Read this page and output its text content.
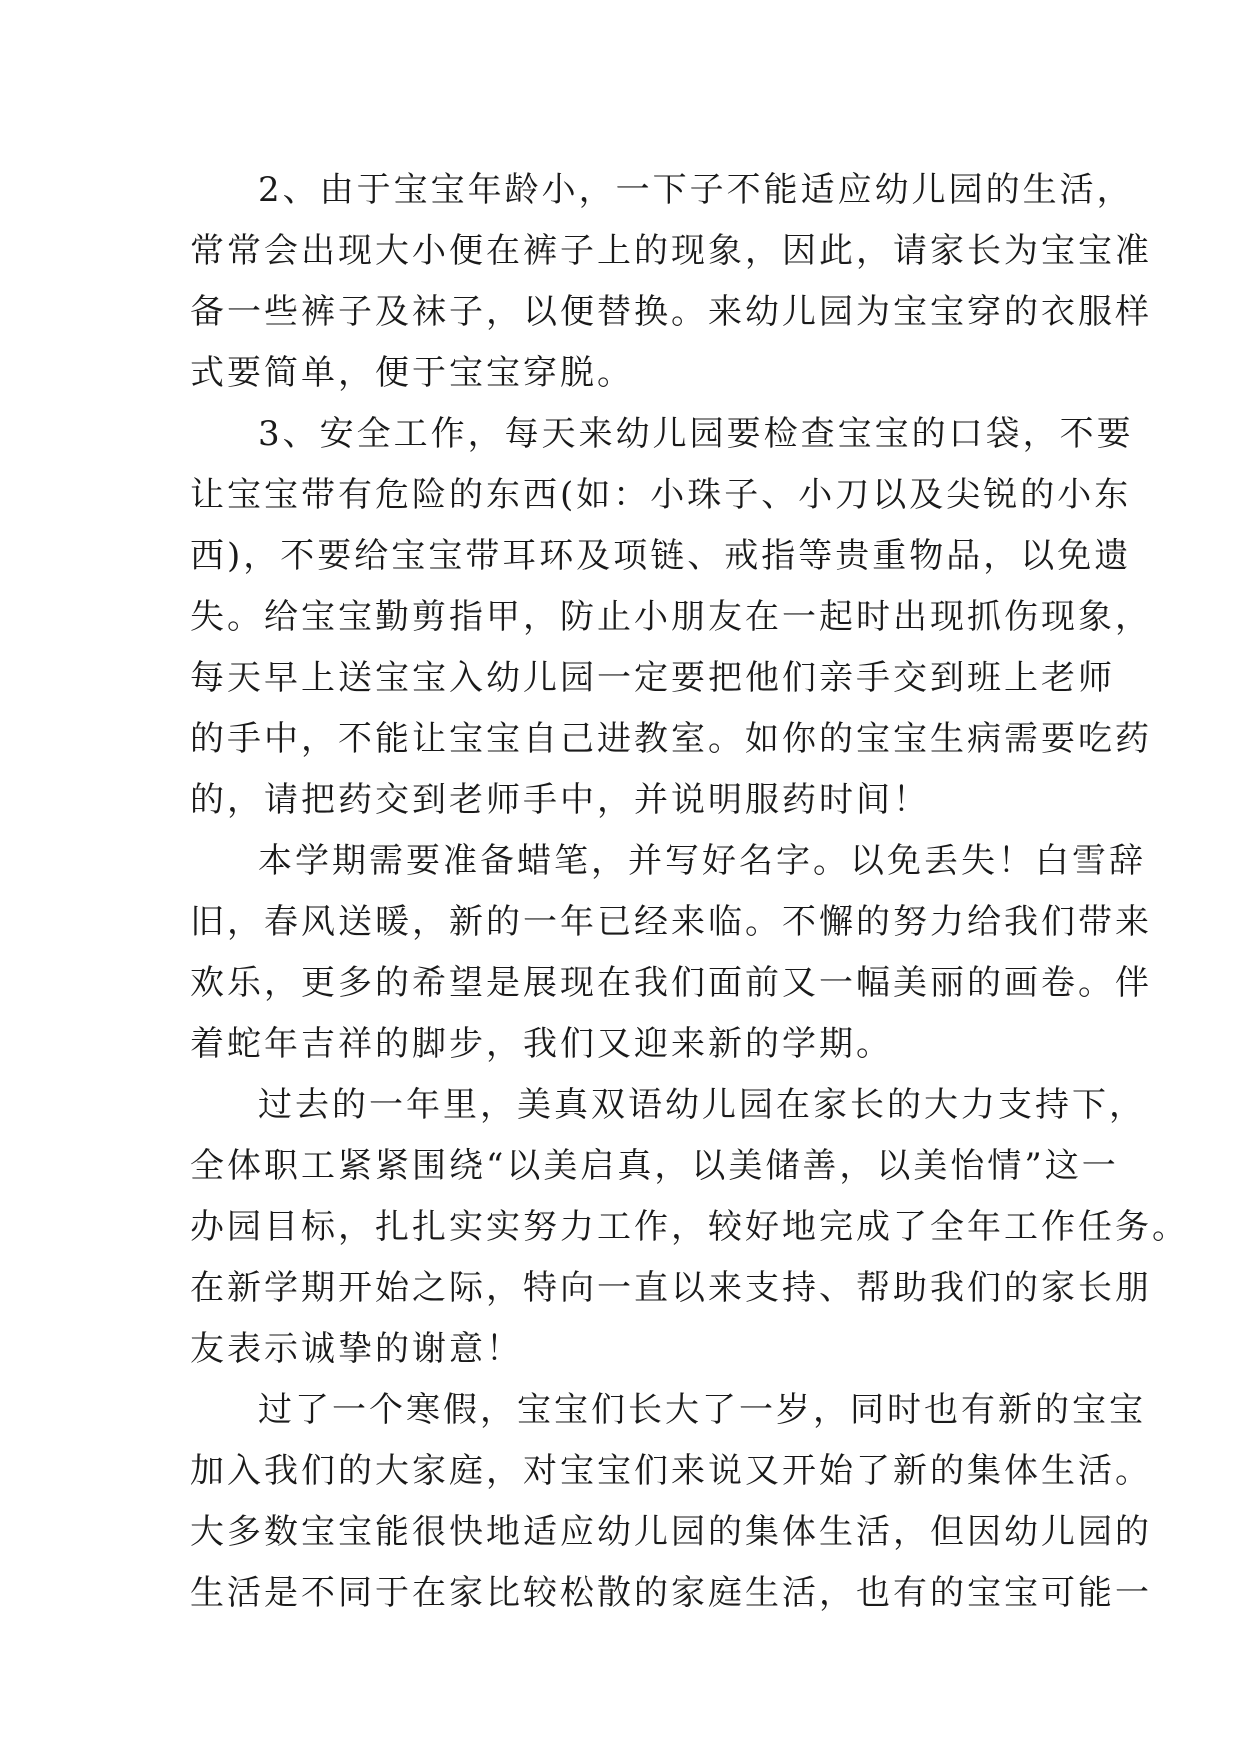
2、由于宝宝年龄小，一下子不能适应幼儿园的生活，
常常会出现大小便在裤子上的现象，因此，请家长为宝宝准
备一些裤子及袜子，以便替换。来幼儿园为宝宝穿的衣服样
式要简单，便于宝宝穿脱。
3、安全工作，每天来幼儿园要检查宝宝的口袋，不要
让宝宝带有危险的东西(如：小珠子、小刀以及尖锐的小东
西)，不要给宝宝带耳环及项链、戒指等贵重物品，以免遗
失。给宝宝勤剪指甲，防止小朋友在一起时出现抓伤现象，
每天早上送宝宝入幼儿园一定要把他们亲手交到班上老师
的手中，不能让宝宝自己进教室。如你的宝宝生病需要吃药
的，请把药交到老师手中，并说明服药时间！
本学期需要准备蜡笔，并写好名字。以免丢失！白雪辞
旧，春风送暖，新的一年已经来临。不懈的努力给我们带来
欢乐，更多的希望是展现在我们面前又一幅美丽的画卷。伴
着蛇年吉祥的脚步，我们又迎来新的学期。
过去的一年里，美真双语幼儿园在家长的大力支持下，
全体职工紧紧围绕“以美启真，以美储善，以美怡情”这一
办园目标，扎扎实实努力工作，较好地完成了全年工作任务。
在新学期开始之际，特向一直以来支持、帮助我们的家长朋
友表示诚挚的谢意！
过了一个寒假，宝宝们长大了一岁，同时也有新的宝宝
加入我们的大家庭，对宝宝们来说又开始了新的集体生活。
大多数宝宝能很快地适应幼儿园的集体生活，但因幼儿园的
生活是不同于在家比较松散的家庭生活，也有的宝宝可能一
